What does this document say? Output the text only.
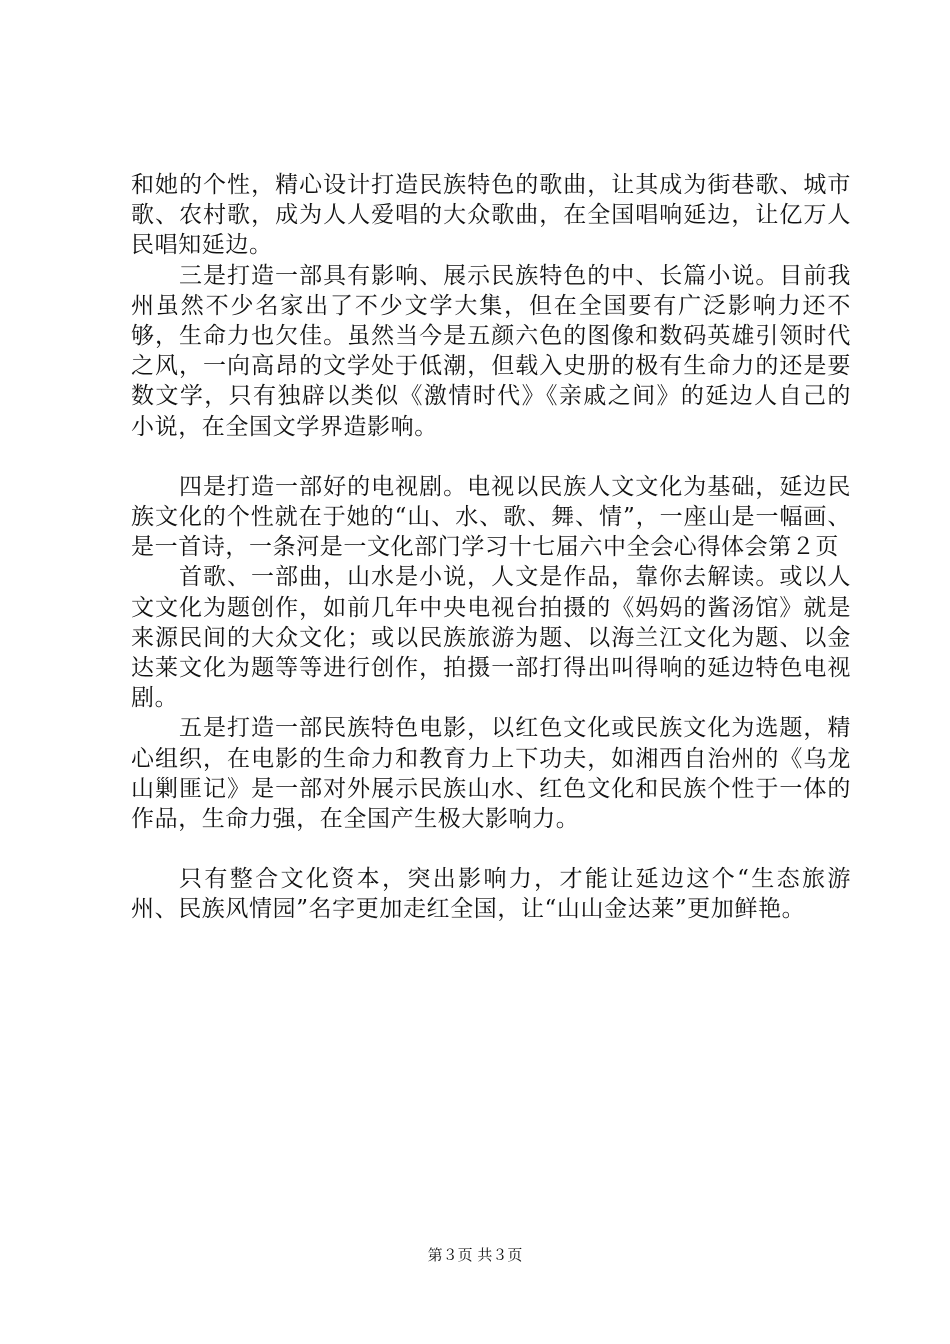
和她的个性，精心设计打造民族特色的歌曲，让其成为街巷歌、城市歌、农村歌，成为人人爱唱的大众歌曲，在全国唱响延边，让亿万人民唱知延边。

三是打造一部具有影响、展示民族特色的中、长篇小说。目前我州虽然不少名家出了不少文学大集，但在全国要有广泛影响力还不够，生命力也欠佳。虽然当今是五颜六色的图像和数码英雄引领时代之风，一向高昂的文学处于低潮，但载入史册的极有生命力的还是要数文学，只有独辟以类似《激情时代》《亲戚之间》的延边人自己的小说，在全国文学界造影响。

四是打造一部好的电视剧。电视以民族人文文化为基础，延边民族文化的个性就在于她的“山、水、歌、舞、情”，一座山是一幅画、是一首诗，一条河是一文化部门学习十七届六中全会心得体会第２页

首歌、一部曲，山水是小说，人文是作品，靠你去解读。或以人文文化为题创作，如前几年中央电视台拍摄的《妈妈的酱汤馆》就是来源民间的大众文化；或以民族旅游为题、以海兰江文化为题、以金达莱文化为题等等进行创作，拍摄一部打得出叫得响的延边特色电视剧。

五是打造一部民族特色电影，以红色文化或民族文化为选题，精心组织，在电影的生命力和教育力上下功夫，如湘西自治州的《乌龙山剿匪记》是一部对外展示民族山水、红色文化和民族个性于一体的作品，生命力强，在全国产生极大影响力。

只有整合文化资本，突出影响力，才能让延边这个“生态旅游州、民族风情园”名字更加走红全国，让“山山金达莱”更加鲜艳。

第３页 共３页
